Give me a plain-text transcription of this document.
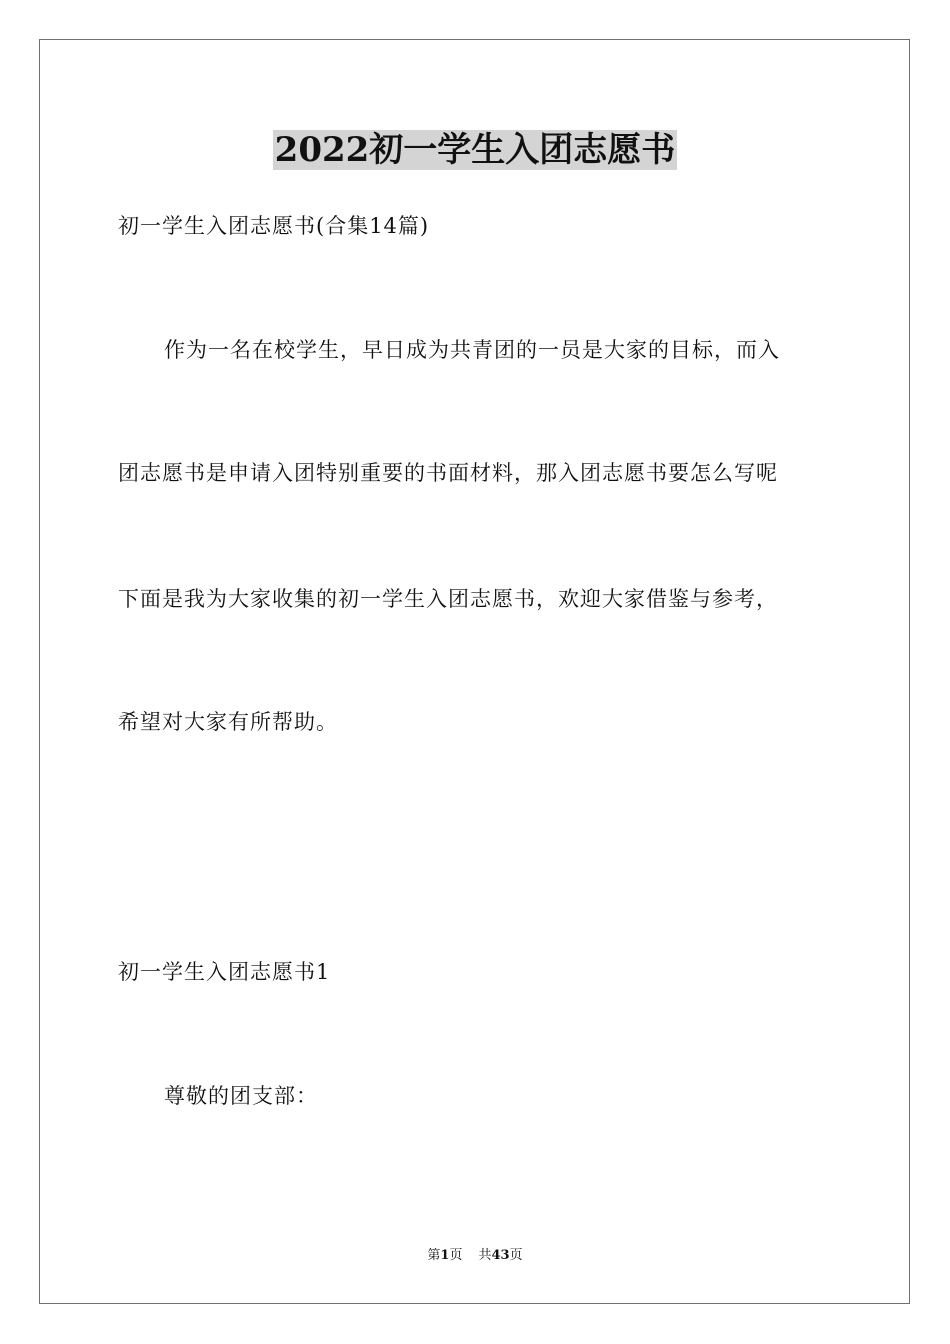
2022初一学生入团志愿书
初一学生入团志愿书(合集14篇)
作为一名在校学生，早日成为共青团的一员是大家的目标，而入
团志愿书是申请入团特别重要的书面材料，那入团志愿书要怎么写呢
下面是我为大家收集的初一学生入团志愿书，欢迎大家借鉴与参考，
希望对大家有所帮助。
初一学生入团志愿书1
尊敬的团支部：
第1页 共43页
